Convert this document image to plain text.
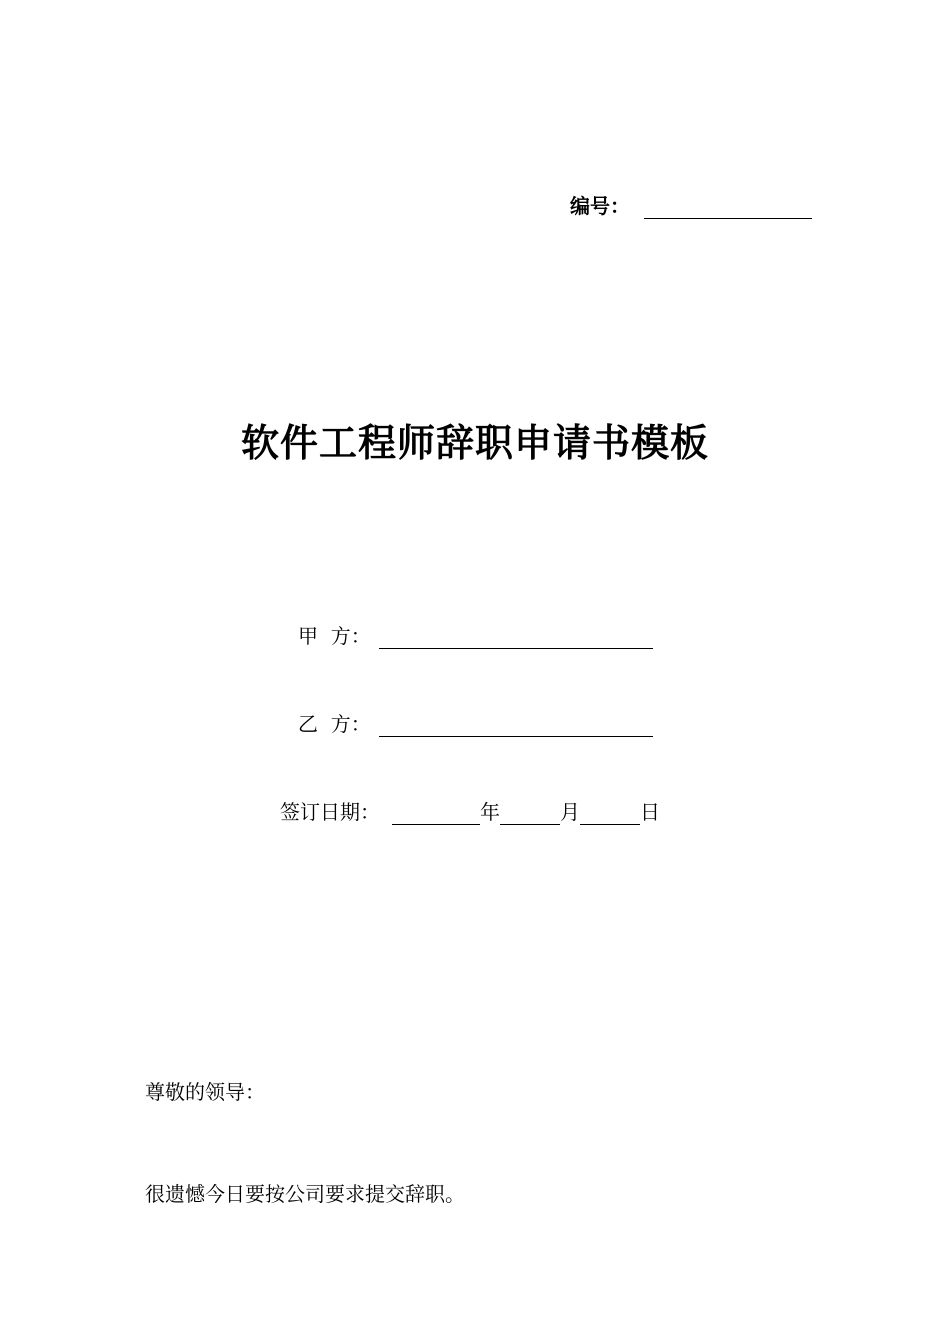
编号：
软件工程师辞职申请书模板
甲  方：
乙  方：
签订日期：	年	月	日
尊敬的领导：
很遗憾今日要按公司要求提交辞职。
